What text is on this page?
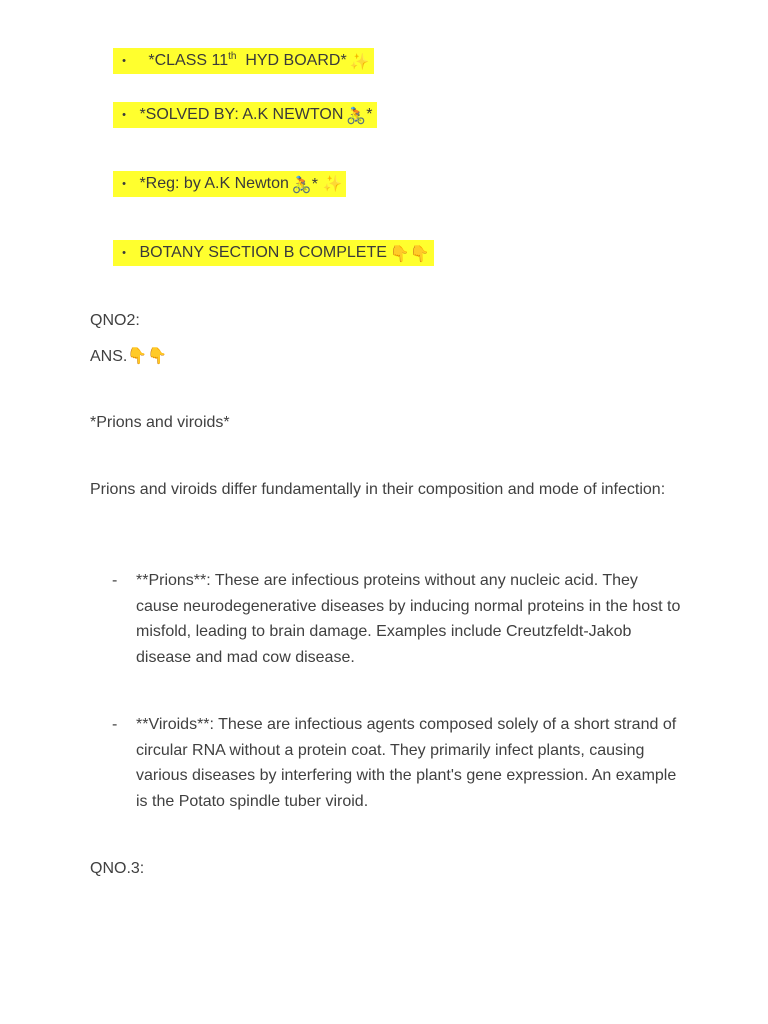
•
	*CLASS 11th HYD BOARD* ✨
•
*SOLVED BY: A.K NEWTON 🚴 *
•
*Reg: by A.K Newton 🚴 * ✨
•
BOTANY SECTION B COMPLETE 👇👇
QNO2:
ANS.👇👇
*Prions and viroids*
Prions and viroids differ fundamentally in their composition and mode of infection:
- **Prions**: These are infectious proteins without any nucleic acid. They cause neurodegenerative diseases by inducing normal proteins in the host to misfold, leading to brain damage. Examples include Creutzfeldt-Jakob disease and mad cow disease.
- **Viroids**: These are infectious agents composed solely of a short strand of circular RNA without a protein coat. They primarily infect plants, causing various diseases by interfering with the plant's gene expression. An example is the Potato spindle tuber viroid.
QNO.3:
